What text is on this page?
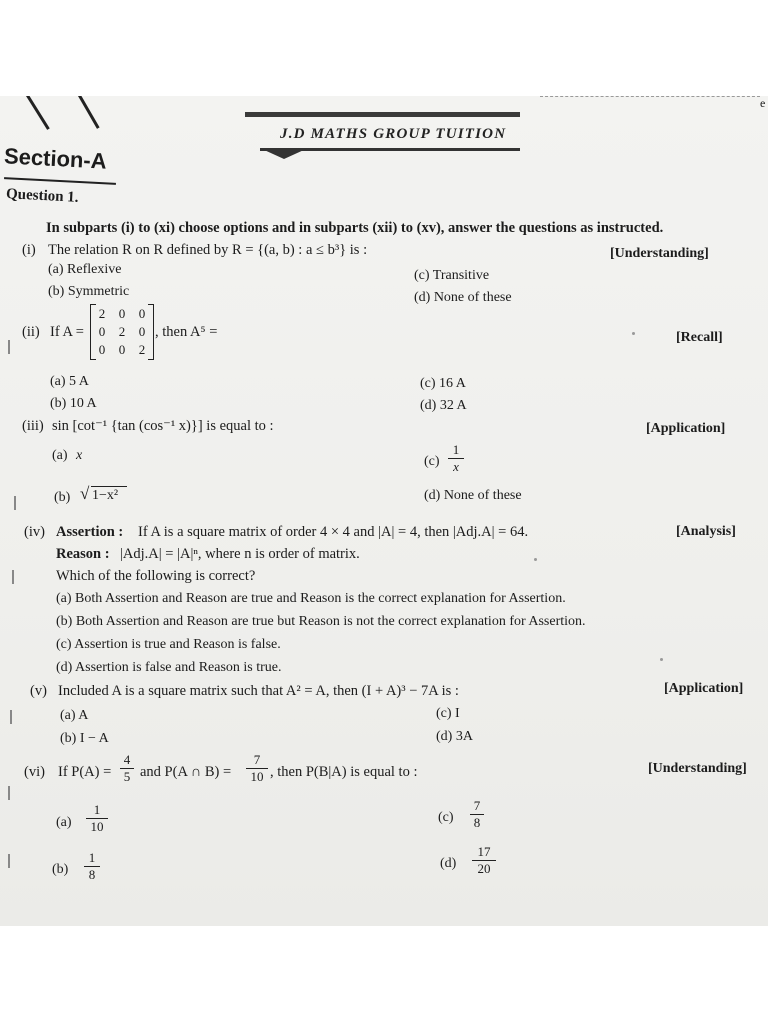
e
J.D MATHS GROUP TUITION
Section-A
Question 1.
In subparts (i) to (xi) choose options and in subparts (xii) to (xv), answer the questions as instructed.
(i) The relation R on R defined by R = {(a, b) : a ≤ b³} is :	[Understanding]
(a) Reflexive
(b) Symmetric
(c) Transitive
(d) None of these
(ii) If A =
2	0	0
0	2	0
0	0	2
, then A⁵ =	[Recall]
(a) 5 A
(b) 10 A
(c) 16 A
(d) 32 A
(iii) sin [cot⁻¹ {tan (cos⁻¹ x)}] is equal to :	[Application]
(a) x
(b) √ 1−x²
$(c) \frac{1}{x}$
(d) None of these
(iv) Assertion : If A is a square matrix of order 4 × 4 and |A| = 4, then |Adj.A| = 64.	[Analysis]
Reason : |Adj.A| = |A|ⁿ, where n is order of matrix.
Which of the following is correct?
(a) Both Assertion and Reason are true and Reason is the correct explanation for Assertion.
(b) Both Assertion and Reason are true but Reason is not the correct explanation for Assertion.
(c) Assertion is true and Reason is false.
(d) Assertion is false and Reason is true.
(v) Included A is a square matrix such that A² = A, then (I + A)³ − 7A is :	[Application]
(a) A
(b) I − A
(c) I
(d) 3A
(vi) If $P(A) = \frac{4}{5}$ and P(A ∩ $B) = \frac{7}{10}$ , then P(B|A) is equal to :	[Understanding]
$(a) \frac{1}{10}$
$(b) \frac{1}{8}$
$(c) \frac{7}{8}$
$(d) \frac{17}{20}$
